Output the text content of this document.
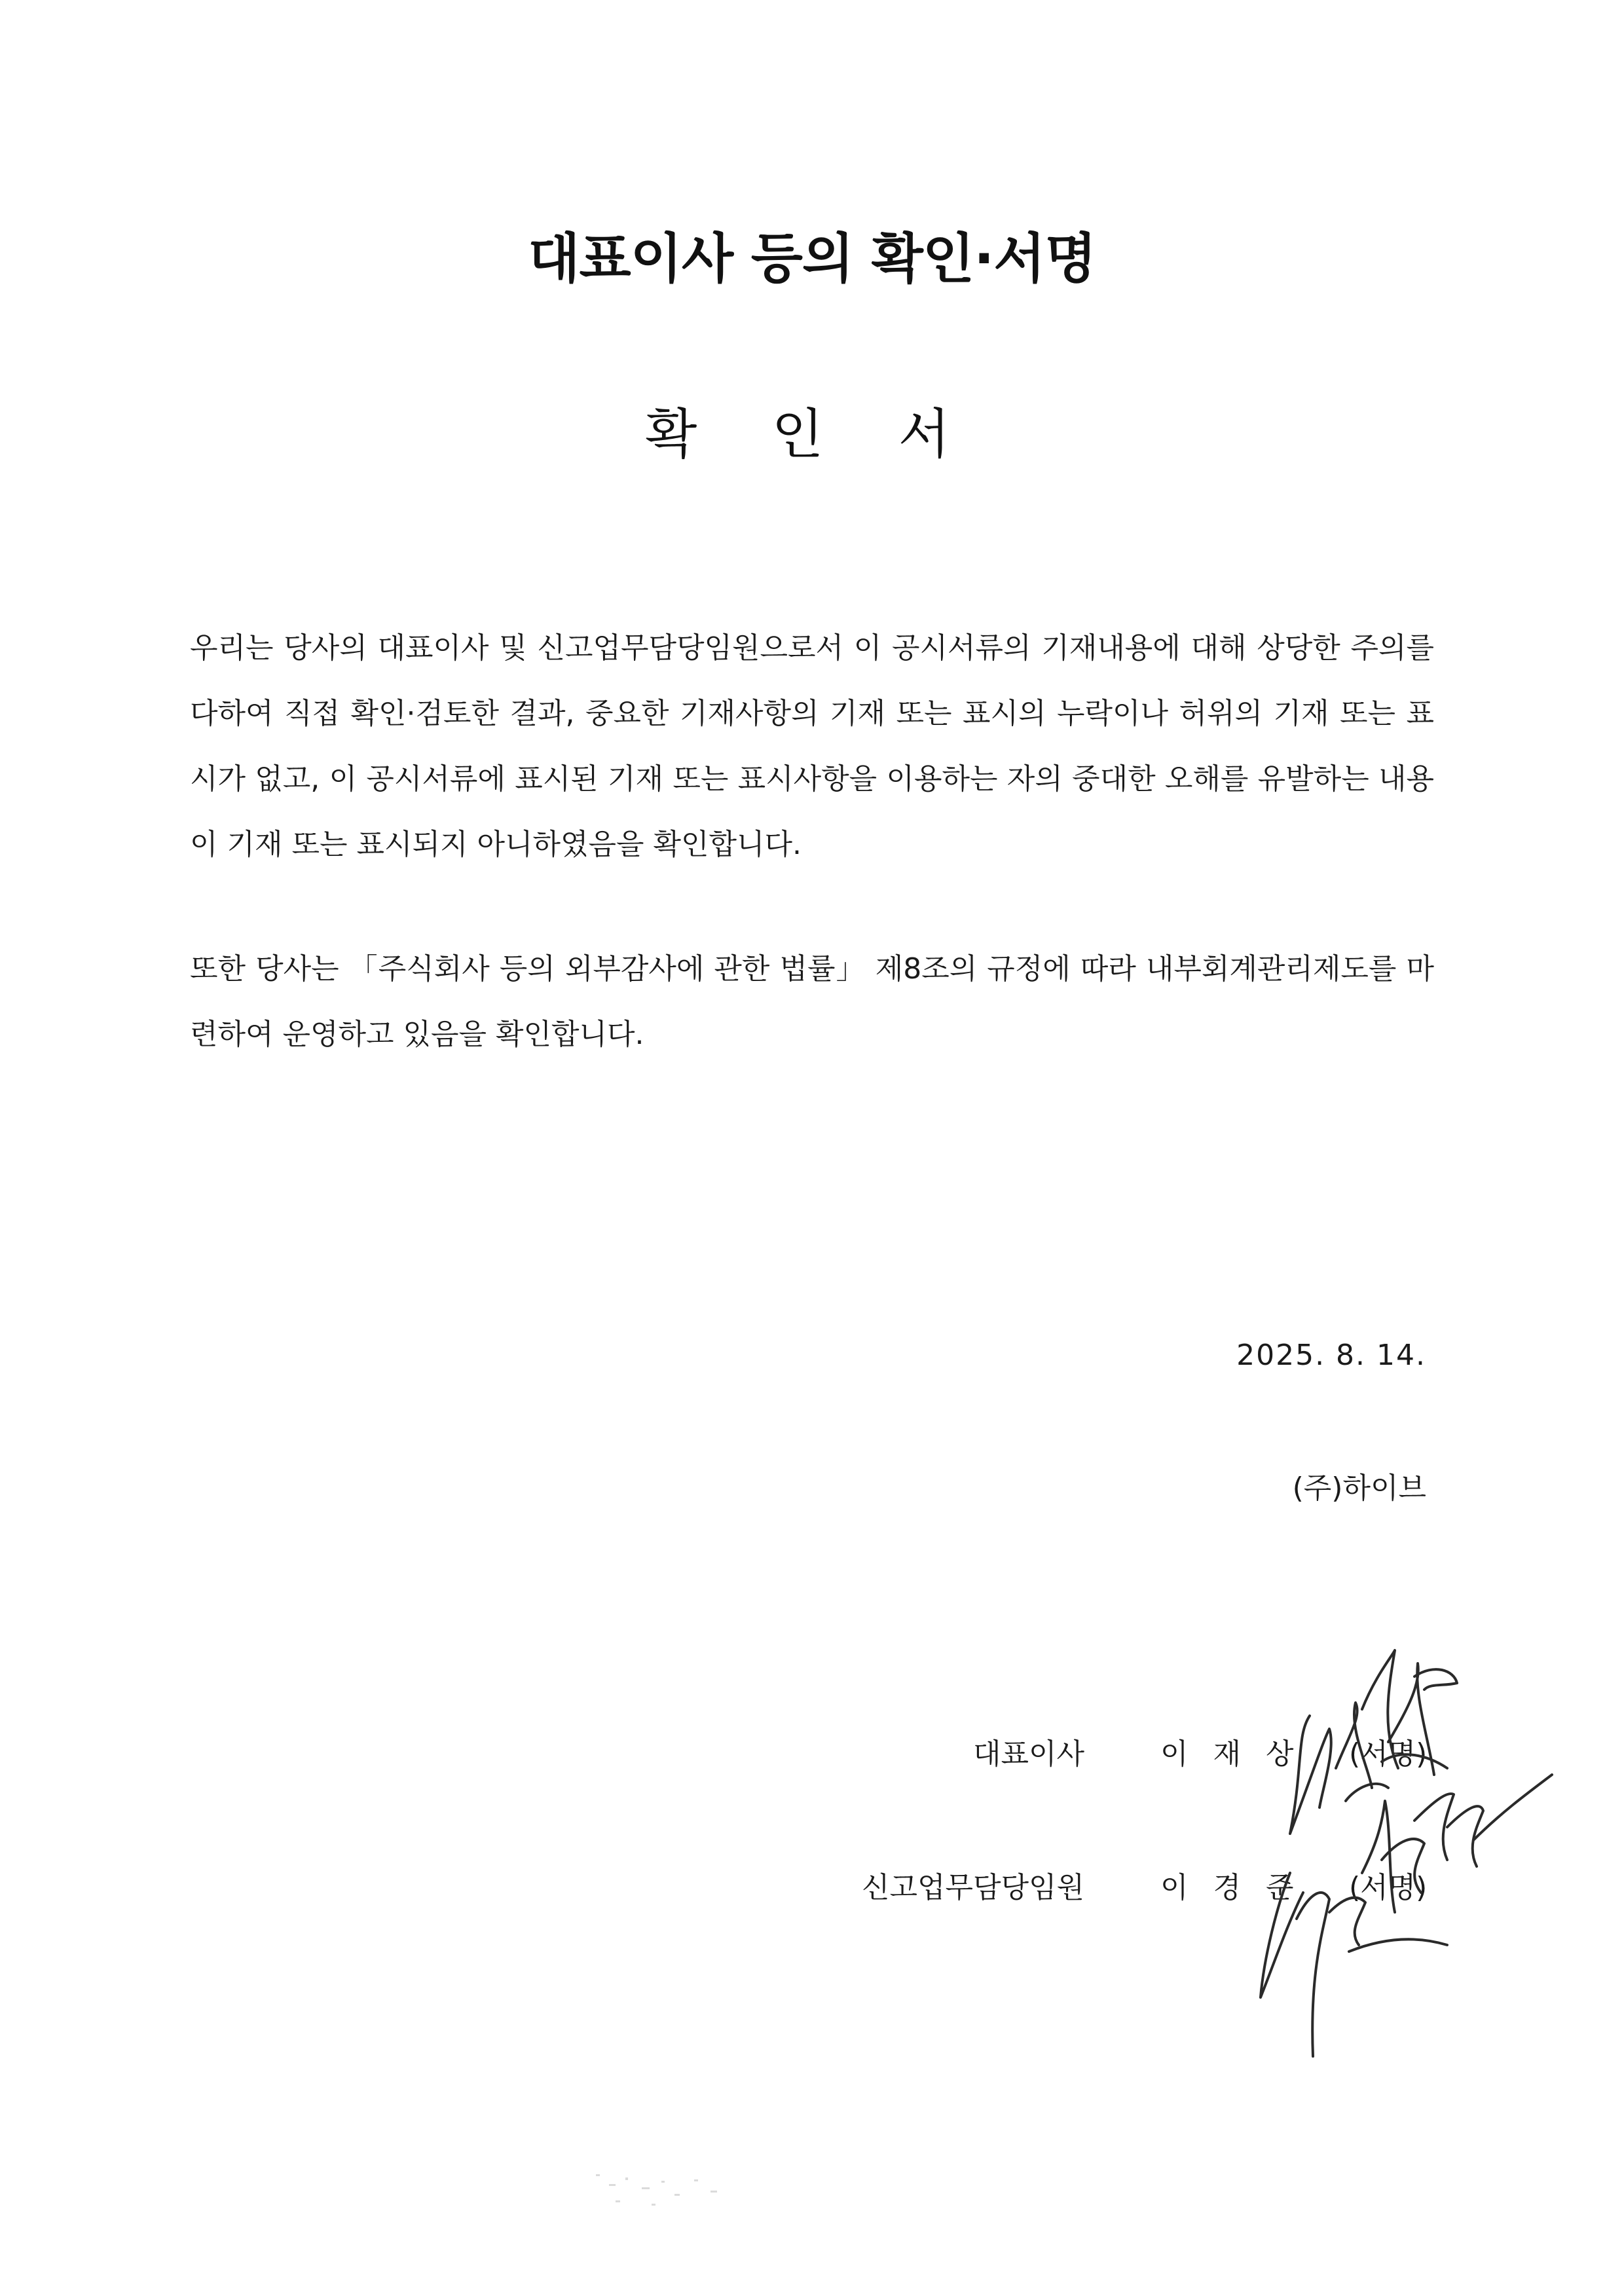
대표이사 등의 확인·서명
확 인 서

우리는 당사의 대표이사 및 신고업무담당임원으로서 이 공시서류의 기재내용에 대해 상당한 주의를 다하여 직접 확인·검토한 결과, 중요한 기재사항의 기재 또는 표시의 누락이나 허위의 기재 또는 표시가 없고, 이 공시서류에 표시된 기재 또는 표시사항을 이용하는 자의 중대한 오해를 유발하는 내용이 기재 또는 표시되지 아니하였음을 확인합니다.

또한 당사는 「주식회사 등의 외부감사에 관한 법률」 제8조의 규정에 따라 내부회계관리제도를 마련하여 운영하고 있음을 확인합니다.

2025. 8. 14.
(주)하이브
대표이사	이 재 상 (서명)
신고업무담당임원	이 경 준 (서명)
